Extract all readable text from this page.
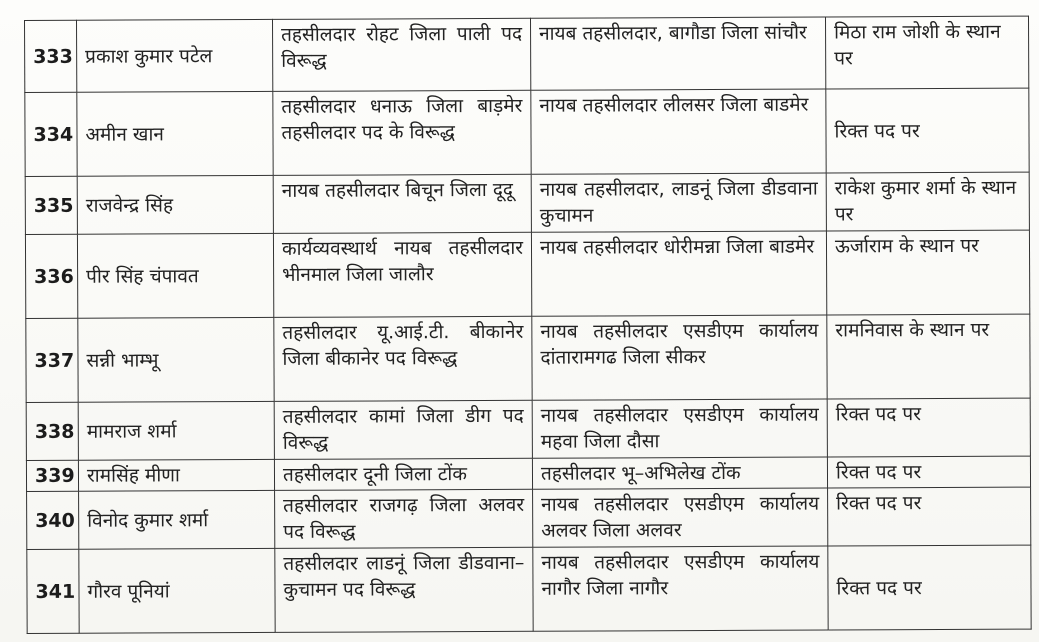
333	प्रकाश कुमार पटेल	तहसीलदार रोहट जिला पाली पद विरूद्ध	नायब तहसीलदार, बागौडा जिला सांचौर	मिठा राम जोशी के स्थान पर
334	अमीन खान	तहसीलदार धनाऊ जिला बाड़मेर तहसीलदार पद के विरूद्ध	नायब तहसीलदार लीलसर जिला बाडमेर	रिक्त पद पर
335	राजवेन्द्र सिंह	नायब तहसीलदार बिचून जिला दूदू	नायब तहसीलदार, लाडनूं जिला डीडवाना कुचामन	राकेश कुमार शर्मा के स्थान पर
336	पीर सिंह चंपावत	कार्यव्यवस्थार्थ नायब तहसीलदार भीनमाल जिला जालौर	नायब तहसीलदार धोरीमन्ना जिला बाडमेर	ऊर्जाराम के स्थान पर
337	सन्नी भाम्भू	तहसीलदार यू.आई.टी. बीकानेर जिला बीकानेर पद विरूद्ध	नायब तहसीलदार एसडीएम कार्यालय दांतारामगढ जिला सीकर	रामनिवास के स्थान पर
338	मामराज शर्मा	तहसीलदार कामां जिला डीग पद विरूद्ध	नायब तहसीलदार एसडीएम कार्यालय महवा जिला दौसा	रिक्त पद पर
339	रामसिंह मीणा	तहसीलदार दूनी जिला टोंक	तहसीलदार भू–अभिलेख टोंक	रिक्त पद पर
340	विनोद कुमार शर्मा	तहसीलदार राजगढ़ जिला अलवर पद विरूद्ध	नायब तहसीलदार एसडीएम कार्यालय अलवर जिला अलवर	रिक्त पद पर
341	गौरव पूनियां	तहसीलदार लाडनूं जिला डीडवाना–कुचामन पद विरूद्ध	नायब तहसीलदार एसडीएम कार्यालय नागौर जिला नागौर	रिक्त पद पर
